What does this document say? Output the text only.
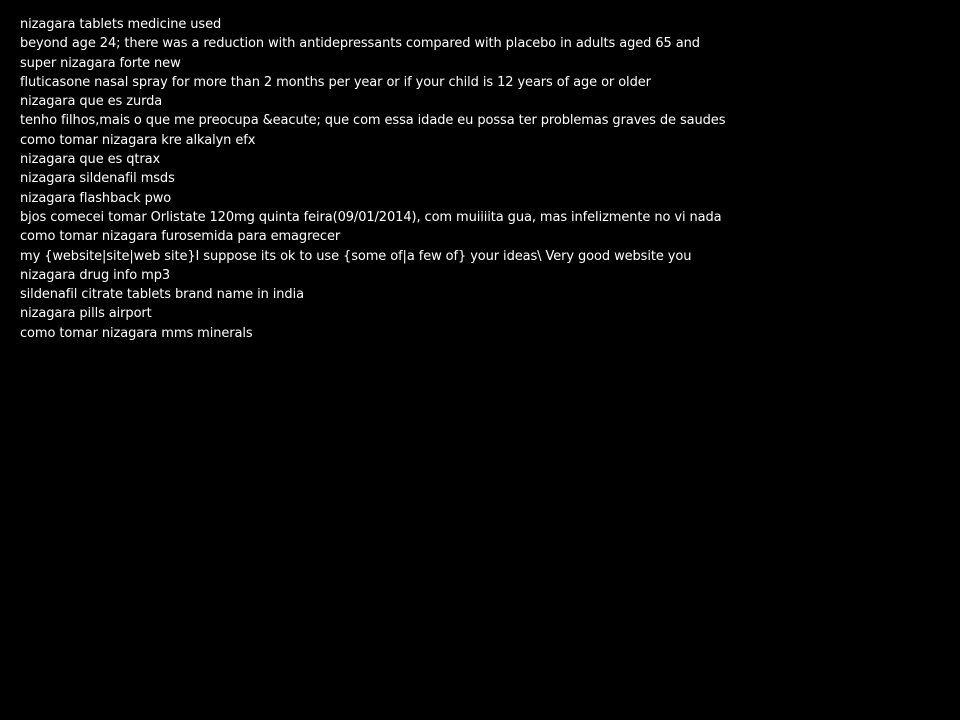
nizagara tablets medicine used
beyond age 24; there was a reduction with antidepressants compared with placebo in adults aged 65 and
super nizagara forte new
fluticasone nasal spray for more than 2 months per year or if your child is 12 years of age or older
nizagara que es zurda
tenho filhos,mais o que me preocupa &eacute; que com essa idade eu possa ter problemas graves de saudes
como tomar nizagara kre alkalyn efx
nizagara que es qtrax
nizagara sildenafil msds
nizagara flashback pwo
bjos comecei tomar Orlistate 120mg quinta feira(09/01/2014), com muiiiita gua, mas infelizmente no vi nada
como tomar nizagara furosemida para emagrecer
my {website|site|web site}I suppose its ok to use {some of|a few of} your ideas\ Very good website you
nizagara drug info mp3
sildenafil citrate tablets brand name in india
nizagara pills airport
como tomar nizagara mms minerals
